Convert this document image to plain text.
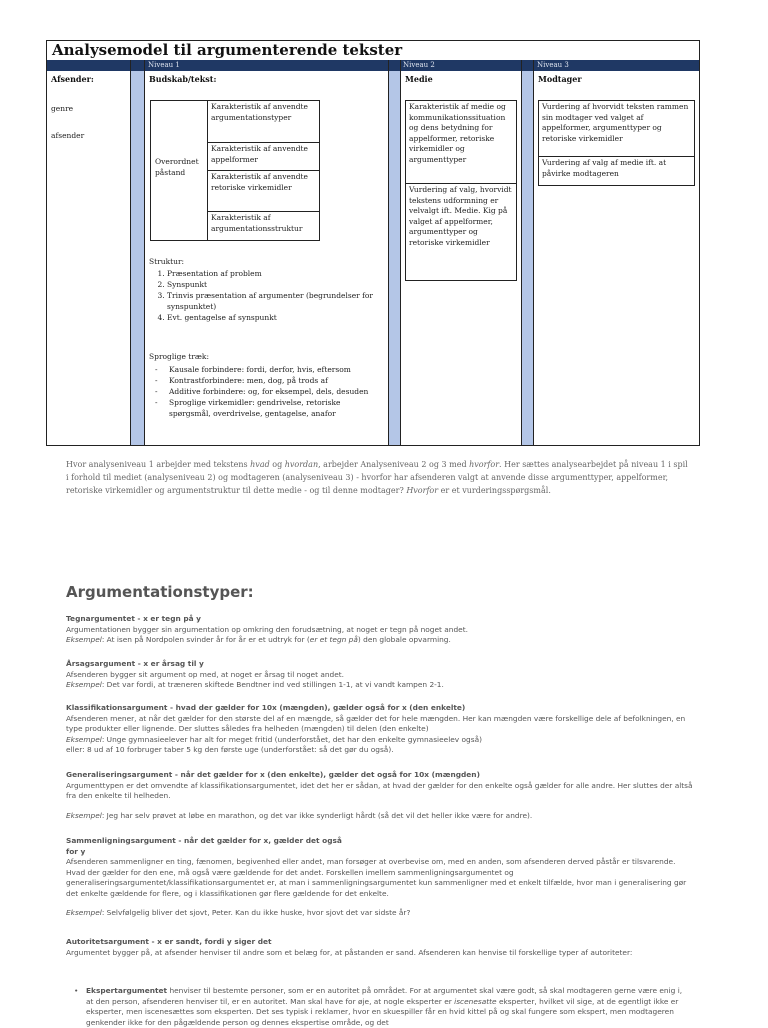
Analysemodel til argumenterende tekster
Niveau 1	Niveau 2	Niveau 3
Afsender:
genre
afsender
Budskab/tekst:
Overordnet påstand
Karakteristik af anvendte argumentationstyper
Karakteristik af anvendte appelformer
Karakteristik af anvendte retoriske virkemidler
Karakteristik af argumentationsstruktur
Struktur:
1. Præsentation af problem
2. Synspunkt
3. Trinvis præsentation af argumenter (begrundelser for synspunktet)
4. Evt. gentagelse af synspunkt
Sproglige træk:
- Kausale forbindere: fordi, derfor, hvis, eftersom
- Kontrastforbindere: men, dog, på trods af
- Additive forbindere: og, for eksempel, dels, desuden
- Sproglige virkemidler: gendrivelse, retoriske spørgsmål, overdrivelse, gentagelse, anafor
Medie
Karakteristik af medie og kommunikationssituation og dens betydning for appelformer, retoriske virkemidler og argumenttyper
Vurdering af valg, hvorvidt tekstens udformning er velvalgt ift. Medie. Kig på valget af appelformer, argumenttyper og retoriske virkemidler
Modtager
Vurdering af hvorvidt teksten rammen sin modtager ved valget af appelformer, argumenttyper og retoriske virkemidler
Vurdering af valg af medie ift. at påvirke modtageren
Hvor analyseniveau 1 arbejder med tekstens hvad og hvordan, arbejder Analyseniveau 2 og 3 med hvorfor. Her sættes analysearbejdet på niveau 1 i spil i forhold til mediet (analyseniveau 2) og modtageren (analyseniveau 3) - hvorfor har afsenderen valgt at anvende disse argumenttyper, appelformer, retoriske virkemidler og argumentstruktur til dette medie - og til denne modtager? Hvorfor er et vurderingsspørgsmål.
Argumentationstyper:
Tegnargumentet - x er tegn på y
Argumentationen bygger sin argumentation op omkring den forudsætning, at noget er tegn på noget andet.
Eksempel: At isen på Nordpolen svinder år for år er et udtryk for (er et tegn på) den globale opvarming.
Årsagsargument - x er årsag til y
Afsenderen bygger sit argument op med, at noget er årsag til noget andet.
Eksempel: Det var fordi, at træneren skiftede Bendtner ind ved stillingen 1-1, at vi vandt kampen 2-1.
Klassifikationsargument - hvad der gælder for 10x (mængden), gælder også for x (den enkelte)
Afsenderen mener, at når det gælder for den største del af en mængde, så gælder det for hele mængden. Her kan mængden være forskellige dele af befolkningen, en type produkter eller lignende. Der sluttes således fra helheden (mængden) til delen (den enkelte)
Eksempel: Unge gymnasieelever har alt for meget fritid (underforstået, det har den enkelte gymnasieelev også)
eller: 8 ud af 10 forbruger taber 5 kg den første uge (underforstået: så det gør du også).
Generaliseringsargument - når det gælder for x (den enkelte), gælder det også for 10x (mængden)
Argumenttypen er det omvendte af klassifikationsargumentet, idet det her er sådan, at hvad der gælder for den enkelte også gælder for alle andre. Her sluttes der altså fra den enkelte til helheden.
Eksempel: Jeg har selv prøvet at løbe en marathon, og det var ikke synderligt hårdt (så det vil det heller ikke være for andre).
Sammenligningsargument - når det gælder for x, gælder det også
for y
Afsenderen sammenligner en ting, fænomen, begivenhed eller andet, man forsøger at overbevise om, med en anden, som afsenderen derved påstår er tilsvarende. Hvad der gælder for den ene, må også være gældende for det andet. Forskellen imellem sammenligningsargumentet og generaliseringsargumentet/klassifikationsargumentet er, at man i sammenligningsargumentet kun sammenligner med et enkelt tilfælde, hvor man i generalisering gør det enkelte gældende for flere, og i klassifikationen gør flere gældende for det enkelte.
Eksempel: Selvfølgelig bliver det sjovt, Peter. Kan du ikke huske, hvor sjovt det var sidste år?
Autoritetsargument - x er sandt, fordi y siger det
Argumentet bygger på, at afsender henviser til andre som et belæg for, at påstanden er sand. Afsenderen kan henvise til forskellige typer af autoriteter:
• Ekspertargumentet henviser til bestemte personer, som er en autoritet på området. For at argumentet skal være godt, så skal modtageren gerne være enig i, at den person, afsenderen henviser til, er en autoritet. Man skal have for øje, at nogle eksperter er iscenesatte eksperter, hvilket vil sige, at de egentligt ikke er eksperter, men iscenesættes som eksperten. Det ses typisk i reklamer, hvor en skuespiller får en hvid kittel på og skal fungere som ekspert, men modtageren genkender ikke for den pågældende person og dennes ekspertise område, og det
